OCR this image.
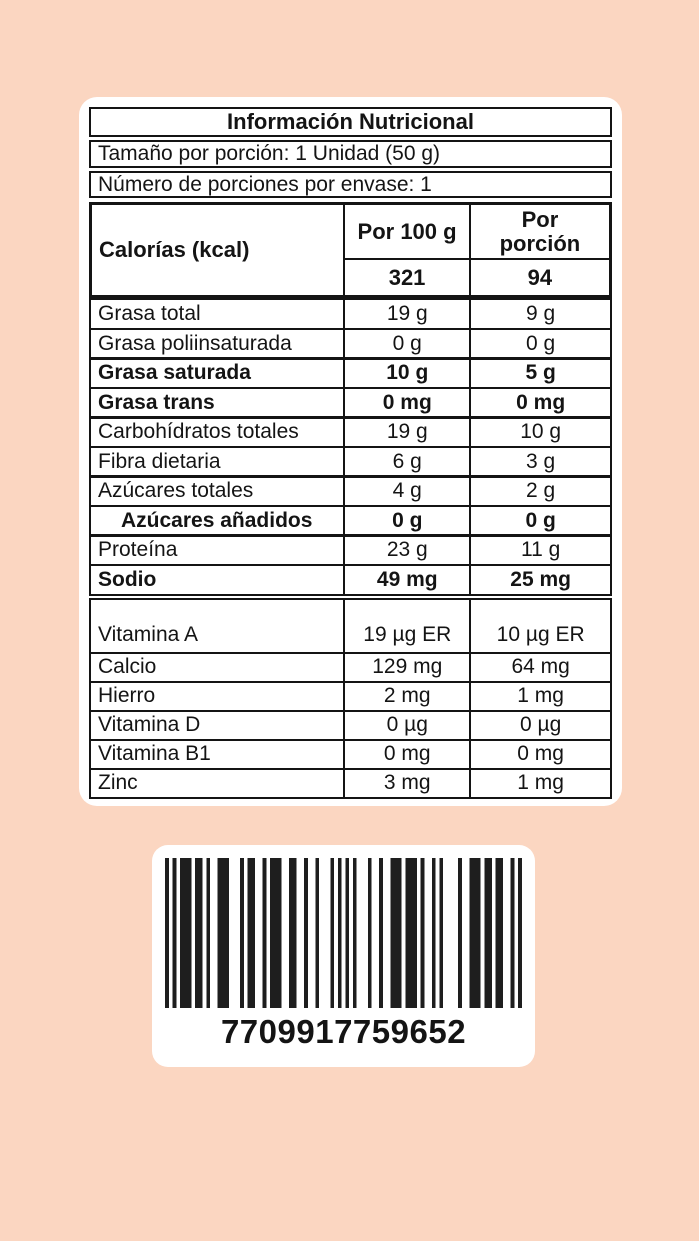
Información Nutricional
Tamaño por porción: 1 Unidad (50 g)
Número de porciones por envase: 1
Calorías (kcal)
Por 100 g	Por porción
321	94
Grasa total	19 g	9 g
Grasa poliinsaturada	0 g	0 g
Grasa saturada	10 g	5 g
Grasa trans	0 mg	0 mg
Carbohídratos totales	19 g	10 g
Fibra dietaria	6 g	3 g
Azúcares totales	4 g	2 g
Azúcares añadidos	0 g	0 g
Proteína	23 g	11 g
Sodio	49 mg	25 mg
Vitamina A	19 µg ER	10 µg ER
Calcio	129 mg	64 mg
Hierro	2 mg	1 mg
Vitamina D	0 µg	0 µg
Vitamina B1	0 mg	0 mg
Zinc	3 mg	1 mg
7709917759652
